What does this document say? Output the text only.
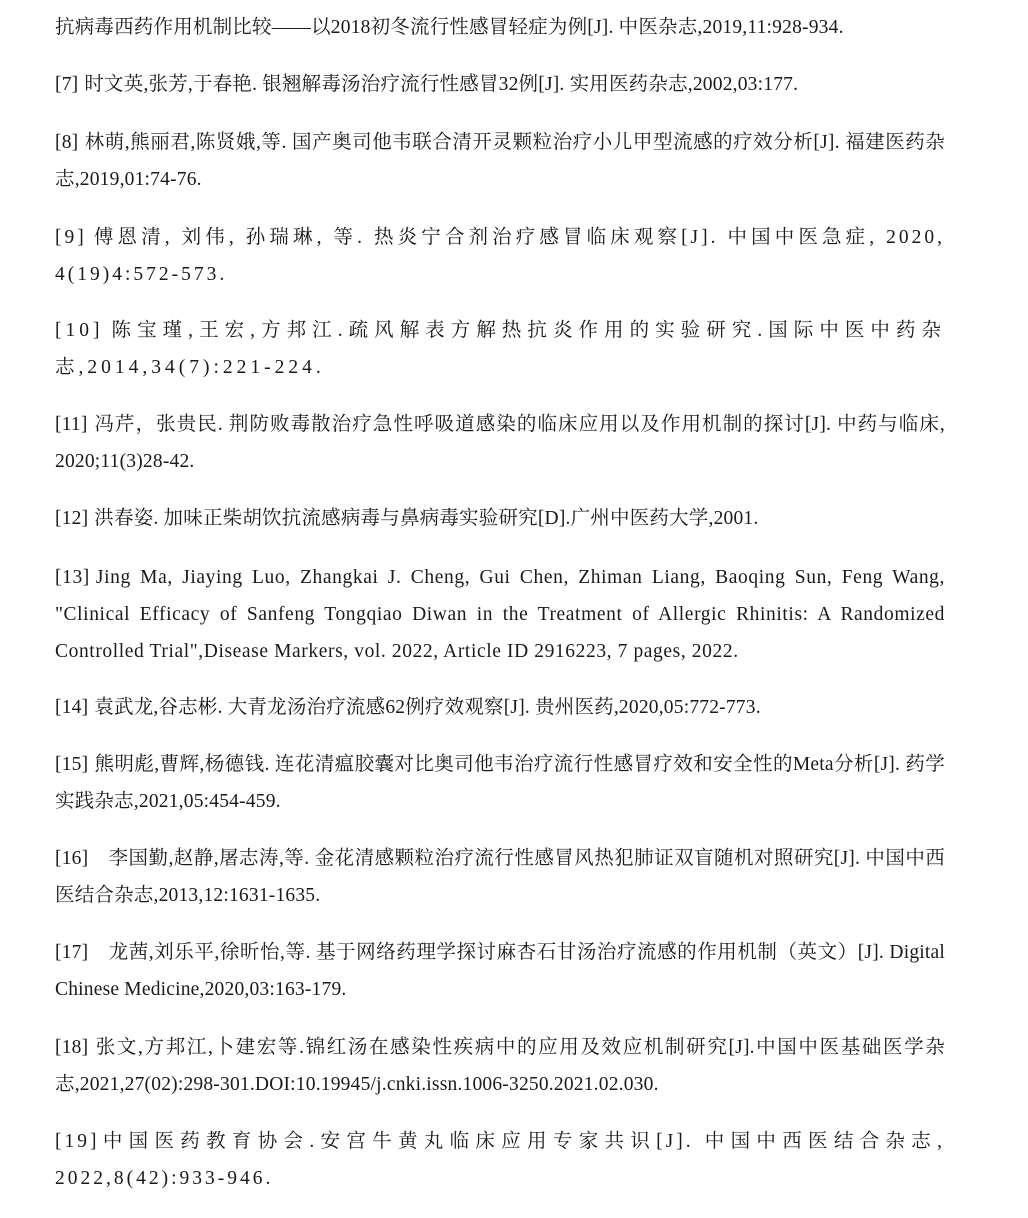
抗病毒西药作用机制比较——以2018初冬流行性感冒轻症为例[J]. 中医杂志,2019,11:928-934.
[7] 时文英,张芳,于春艳. 银翘解毒汤治疗流行性感冒32例[J]. 实用医药杂志,2002,03:177.
[8] 林萌,熊丽君,陈贤娥,等. 国产奥司他韦联合清开灵颗粒治疗小儿甲型流感的疗效分析[J]. 福建医药杂志,2019,01:74-76.
[9] 傅恩清, 刘伟, 孙瑞琳, 等. 热炎宁合剂治疗感冒临床观察[J]. 中国中医急症, 2020, 4(19)4:572-573.
[10] 陈宝瑾,王宏,方邦江.疏风解表方解热抗炎作用的实验研究.国际中医中药杂志,2014,34(7):221-224.
[11] 冯芹，张贵民. 荆防败毒散治疗急性呼吸道感染的临床应用以及作用机制的探讨[J]. 中药与临床, 2020;11(3)28-42.
[12] 洪春姿. 加味正柴胡饮抗流感病毒与鼻病毒实验研究[D].广州中医药大学,2001.
[13] Jing Ma, Jiaying Luo, Zhangkai J. Cheng, Gui Chen, Zhiman Liang, Baoqing Sun, Feng Wang, "Clinical Efficacy of Sanfeng Tongqiao Diwan in the Treatment of Allergic Rhinitis: A Randomized Controlled Trial",Disease Markers, vol. 2022, Article ID 2916223, 7 pages, 2022.
[14] 袁武龙,谷志彬. 大青龙汤治疗流感62例疗效观察[J]. 贵州医药,2020,05:772-773.
[15] 熊明彪,曹辉,杨德钱. 连花清瘟胶囊对比奥司他韦治疗流行性感冒疗效和安全性的Meta分析[J]. 药学实践杂志,2021,05:454-459.
[16] 李国勤,赵静,屠志涛,等. 金花清感颗粒治疗流行性感冒风热犯肺证双盲随机对照研究[J]. 中国中西医结合杂志,2013,12:1631-1635.
[17] 龙茜,刘乐平,徐昕怡,等. 基于网络药理学探讨麻杏石甘汤治疗流感的作用机制（英文）[J]. Digital Chinese Medicine,2020,03:163-179.
[18] 张文,方邦江,卜建宏等.锦红汤在感染性疾病中的应用及效应机制研究[J].中国中医基础医学杂志,2021,27(02):298-301.DOI:10.19945/j.cnki.issn.1006-3250.2021.02.030.
[19]中国医药教育协会.安宫牛黄丸临床应用专家共识[J]. 中国中西医结合杂志, 2022,8(42):933-946.
